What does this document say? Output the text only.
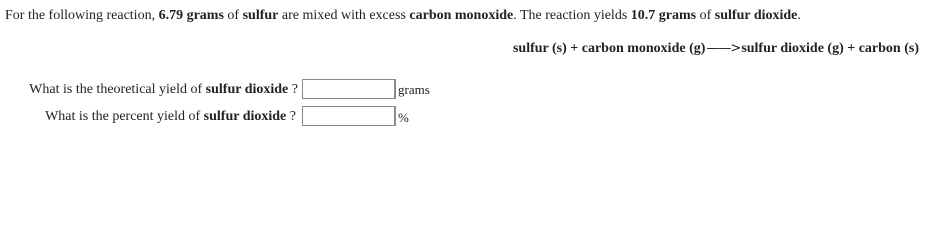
For the following reaction, 6.79 grams of sulfur are mixed with excess carbon monoxide. The reaction yields 10.7 grams of sulfur dioxide.
sulfur (s) + carbon monoxide (g)——>sulfur dioxide (g) + carbon (s)
What is the theoretical yield of sulfur dioxide ?	grams
What is the percent yield of sulfur dioxide ?	%
